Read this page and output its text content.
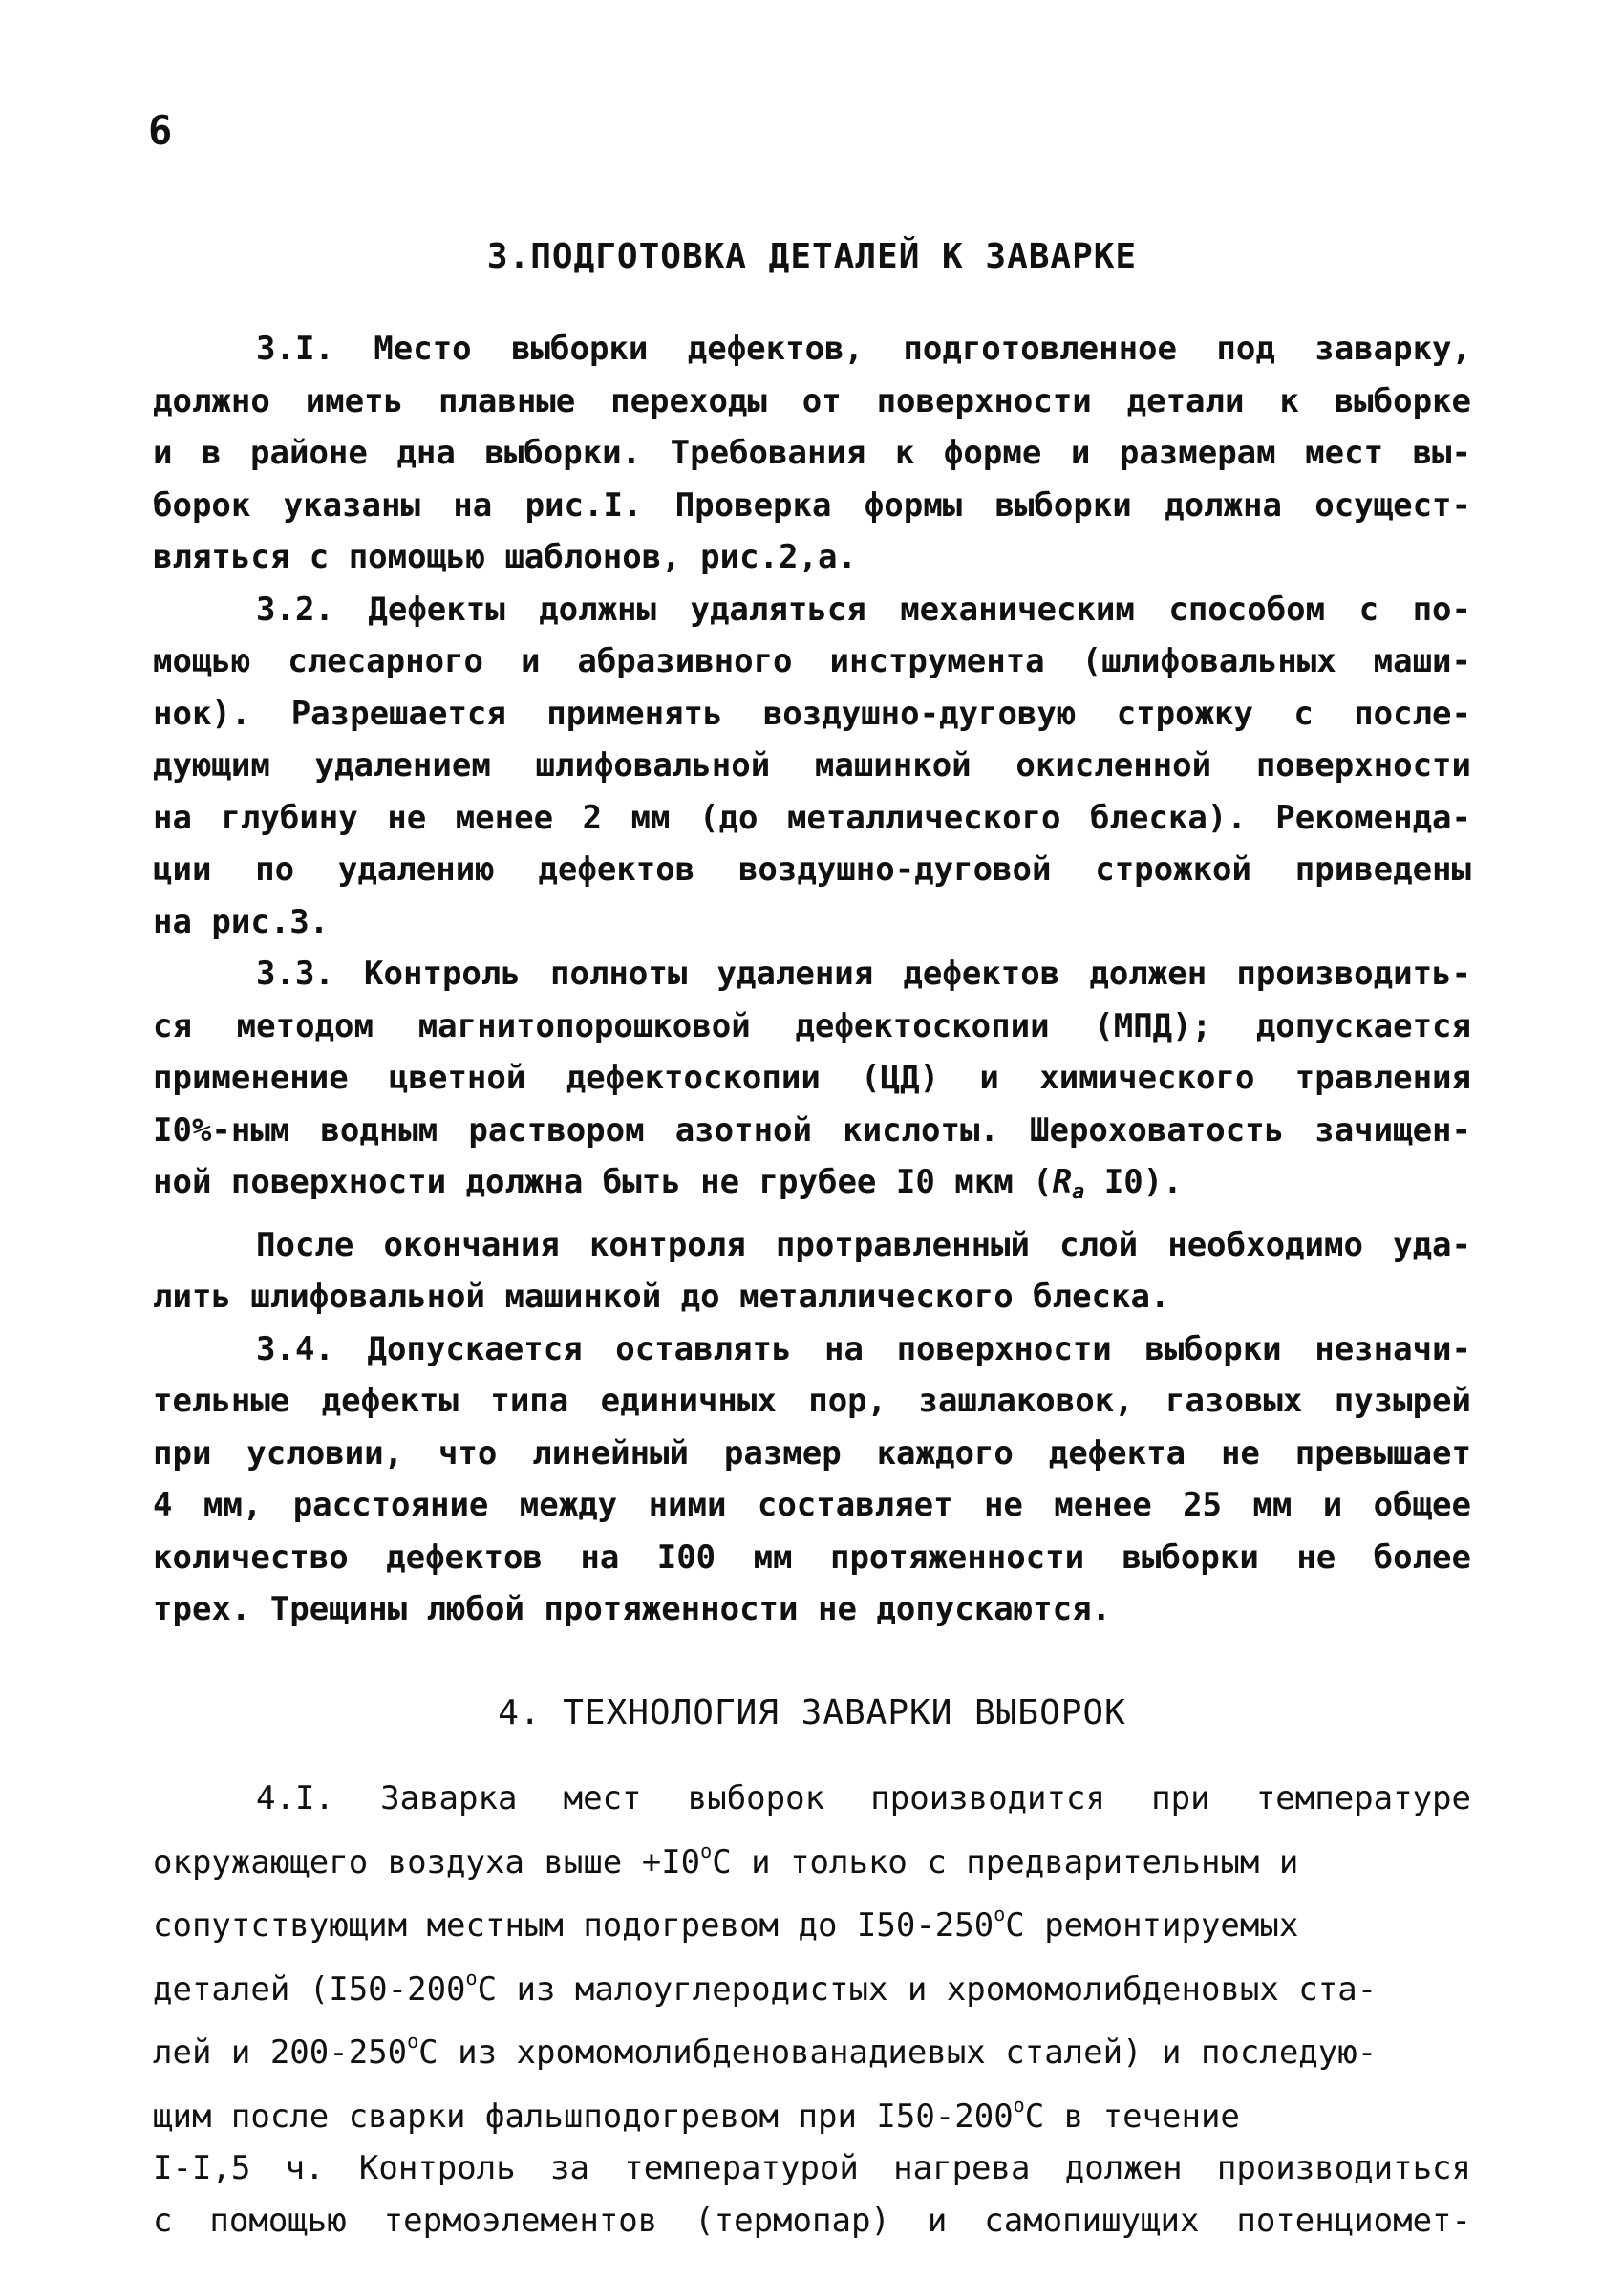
6
3.ПОДГОТОВКА ДЕТАЛЕЙ К ЗАВАРКЕ
3.I. Место выборки дефектов, подготовленное под заварку,
должно иметь плавные переходы от поверхности детали к выборке
и в районе дна выборки. Требования к форме и размерам мест вы-
борок указаны на рис.I. Проверка формы выборки должна осущест-
вляться с помощью шаблонов, рис.2,а.
3.2. Дефекты должны удаляться механическим способом с по-
мощью слесарного и абразивного инструмента (шлифовальных маши-
нок). Разрешается применять воздушно-дуговую строжку с после-
дующим удалением шлифовальной машинкой окисленной поверхности
на глубину не менее 2 мм (до металлического блеска). Рекоменда-
ции по удалению дефектов воздушно-дуговой строжкой приведены
на рис.3.
3.3. Контроль полноты удаления дефектов должен производить-
ся методом магнитопорошковой дефектоскопии (МПД); допускается
применение цветной дефектоскопии (ЦД) и химического травления
I0%-ным водным раствором азотной кислоты. Шероховатость зачищен-
ной поверхности должна быть не грубее I0 мкм ($R_a$ I0).
После окончания контроля протравленный слой необходимо уда-
лить шлифовальной машинкой до металлического блеска.
3.4. Допускается оставлять на поверхности выборки незначи-
тельные дефекты типа единичных пор, зашлаковок, газовых пузырей
при условии, что линейный размер каждого дефекта не превышает
4 мм, расстояние между ними составляет не менее 25 мм и общее
количество дефектов на I00 мм протяженности выборки не более
трех. Трещины любой протяженности не допускаются.
4. ТЕХНОЛОГИЯ ЗАВАРКИ ВЫБОРОК
4.I. Заварка мест выборок производится при температуре
окружающего воздуха выше $+I0^oC$ и только с предварительным и
сопутствующим местным подогревом до I50-250$^o$C ремонтируемых
деталей (I50-200$^o$C из малоуглеродистых и хромомолибденовых ста-
лей и 200-250$^o$C из хромомолибденованадиевых сталей) и последую-
щим после сварки фальшподогревом при I50-200$^o$C в течение
I-I,5 ч. Контроль за температурой нагрева должен производиться
с помощью термоэлементов (термопар) и самопишущих потенциомет-
